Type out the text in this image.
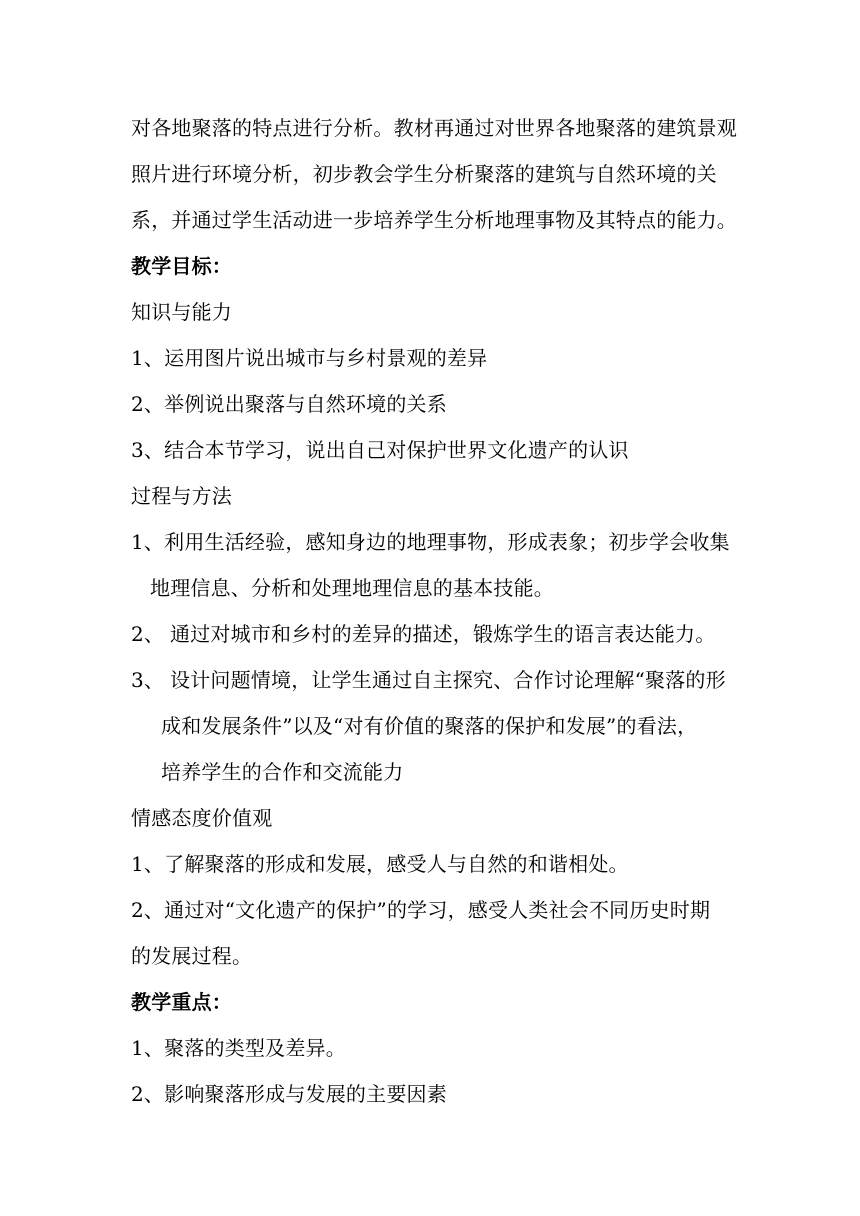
对各地聚落的特点进行分析。教材再通过对世界各地聚落的建筑景观
照片进行环境分析，初步教会学生分析聚落的建筑与自然环境的关
系，并通过学生活动进一步培养学生分析地理事物及其特点的能力。
教学目标：
知识与能力
1、运用图片说出城市与乡村景观的差异
2、举例说出聚落与自然环境的关系
3、结合本节学习，说出自己对保护世界文化遗产的认识
过程与方法
1、利用生活经验，感知身边的地理事物，形成表象；初步学会收集
地理信息、分析和处理地理信息的基本技能。
2、 通过对城市和乡村的差异的描述，锻炼学生的语言表达能力。
3、 设计问题情境，让学生通过自主探究、合作讨论理解“聚落的形
成和发展条件”以及“对有价值的聚落的保护和发展”的看法，
培养学生的合作和交流能力
情感态度价值观
1、了解聚落的形成和发展，感受人与自然的和谐相处。
2、通过对“文化遗产的保护”的学习，感受人类社会不同历史时期
的发展过程。
教学重点：
1、聚落的类型及差异。
2、影响聚落形成与发展的主要因素
